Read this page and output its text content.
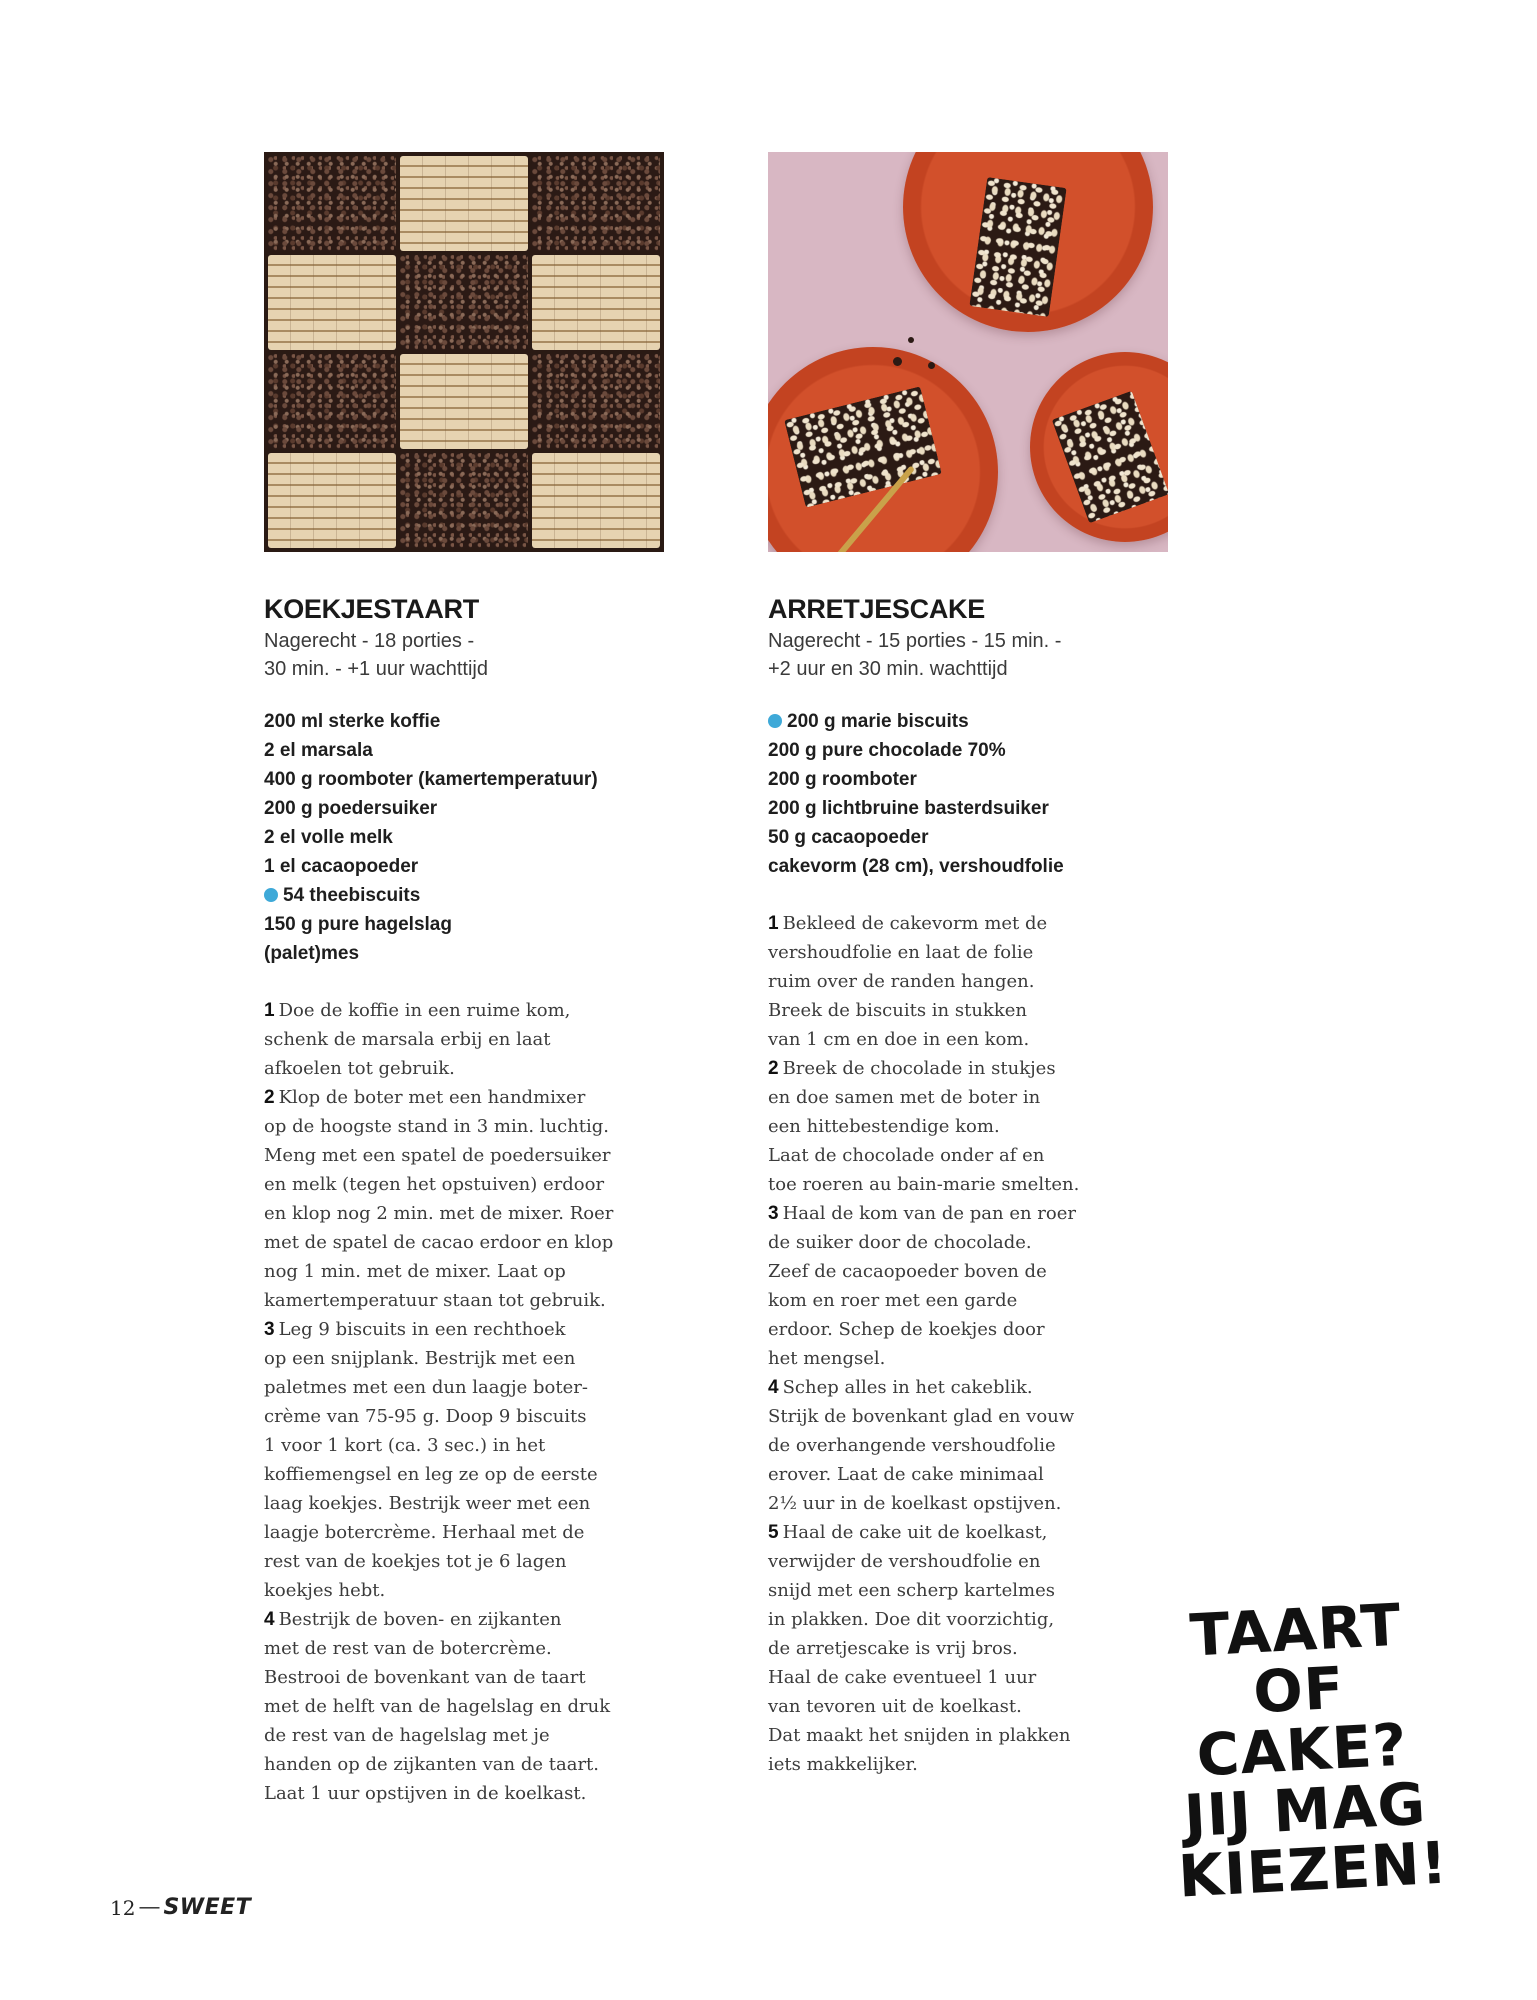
KOEKJESTAART
Nagerecht - 18 porties -
30 min. - +1 uur wachttijd
200 ml sterke koffie
2 el marsala
400 g roomboter (kamertemperatuur)
200 g poedersuiker
2 el volle melk
1 el cacaopoeder
54 theebiscuits
150 g pure hagelslag
(palet)mes
1 Doe de koffie in een ruime kom,
schenk de marsala erbij en laat
afkoelen tot gebruik.
2 Klop de boter met een handmixer
op de hoogste stand in 3 min. luchtig.
Meng met een spatel de poedersuiker
en melk (tegen het opstuiven) erdoor
en klop nog 2 min. met de mixer. Roer
met de spatel de cacao erdoor en klop
nog 1 min. met de mixer. Laat op
kamertemperatuur staan tot gebruik.
3 Leg 9 biscuits in een rechthoek
op een snijplank. Bestrijk met een
paletmes met een dun laagje boter-
crème van 75-95 g. Doop 9 biscuits
1 voor 1 kort (ca. 3 sec.) in het
koffiemengsel en leg ze op de eerste
laag koekjes. Bestrijk weer met een
laagje botercrème. Herhaal met de
rest van de koekjes tot je 6 lagen
koekjes hebt.
4 Bestrijk de boven- en zijkanten
met de rest van de botercrème.
Bestrooi de bovenkant van de taart
met de helft van de hagelslag en druk
de rest van de hagelslag met je
handen op de zijkanten van de taart.
Laat 1 uur opstijven in de koelkast.
ARRETJESCAKE
Nagerecht - 15 porties - 15 min. -
+2 uur en 30 min. wachttijd
200 g marie biscuits
200 g pure chocolade 70%
200 g roomboter
200 g lichtbruine basterdsuiker
50 g cacaopoeder
cakevorm (28 cm), vershoudfolie
1 Bekleed de cakevorm met de
vershoudfolie en laat de folie
ruim over de randen hangen.
Breek de biscuits in stukken
van 1 cm en doe in een kom.
2 Breek de chocolade in stukjes
en doe samen met de boter in
een hittebestendige kom.
Laat de chocolade onder af en
toe roeren au bain-marie smelten.
3 Haal de kom van de pan en roer
de suiker door de chocolade.
Zeef de cacaopoeder boven de
kom en roer met een garde
erdoor. Schep de koekjes door
het mengsel.
4 Schep alles in het cakeblik.
Strijk de bovenkant glad en vouw
de overhangende vershoudfolie
erover. Laat de cake minimaal
2½ uur in de koelkast opstijven.
5 Haal de cake uit de koelkast,
verwijder de vershoudfolie en
snijd met een scherp kartelmes
in plakken. Doe dit voorzichtig,
de arretjescake is vrij bros.
Haal de cake eventueel 1 uur
van tevoren uit de koelkast.
Dat maakt het snijden in plakken
iets makkelijker.
TAART
OF CAKE?
JIJ MAG
KIEZEN!
12 — SWEET
